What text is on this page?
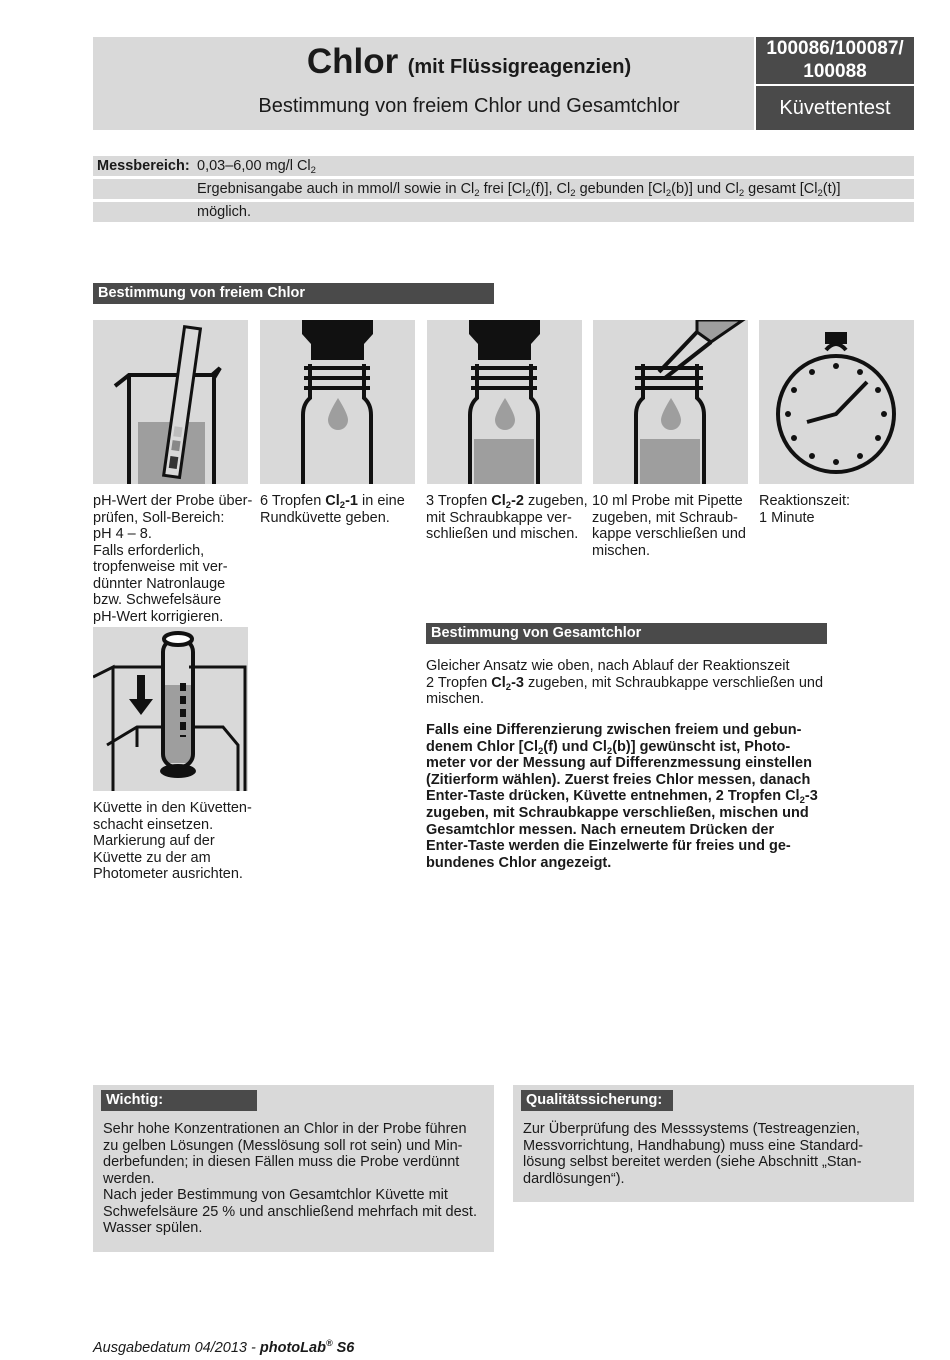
Chlor (mit Flüssigreagenzien)
Bestimmung von freiem Chlor und Gesamtchlor
100086/100087/
100088
Küvettentest
Messbereich: 0,03–6,00 mg/l $Cl_2$
Ergebnisangabe auch in mmol/l sowie in $Cl_2$ frei $[Cl_2(f)]$, $Cl_2$ gebunden $[Cl_2(b)]$ und $Cl_2$ gesamt $[Cl_2(t)]$
möglich.
Bestimmung von freiem Chlor
pH-Wert der Probe über-
prüfen, Soll-Bereich:
pH 4 – 8.
Falls erforderlich,
tropfenweise mit ver-
dünnter Natronlauge
bzw. Schwefelsäure
pH-Wert korrigieren.
6 Tropfen $Cl_2-1$ in eine
Rundküvette geben.
3 Tropfen $Cl_2-2$ zugeben,
mit Schraubkappe ver-
schließen und mischen.
10 ml Probe mit Pipette
zugeben, mit Schraub-
kappe verschließen und
mischen.
Reaktionszeit:
1 Minute
Küvette in den Küvetten-
schacht einsetzen.
Markierung auf der
Küvette zu der am
Photometer ausrichten.
Bestimmung von Gesamtchlor
Gleicher Ansatz wie oben, nach Ablauf der Reaktionszeit
2 Tropfen $Cl_2-3$ zugeben, mit Schraubkappe verschließen und
mischen.
Falls eine Differenzierung zwischen freiem und gebun-
denem Chlor [$Cl_2(f)$ und $Cl_2(b)$] gewünscht ist, Photo-
meter vor der Messung auf Differenzmessung einstellen
(Zitierform wählen). Zuerst freies Chlor messen, danach
Enter-Taste drücken, Küvette entnehmen, 2 Tropfen $Cl_2-3$
zugeben, mit Schraubkappe verschließen, mischen und
Gesamtchlor messen. Nach erneutem Drücken der
Enter-Taste werden die Einzelwerte für freies und ge-
bundenes Chlor angezeigt.
Wichtig:
Sehr hohe Konzentrationen an Chlor in der Probe führen
zu gelben Lösungen (Messlösung soll rot sein) und Min-
derbefunden; in diesen Fällen muss die Probe verdünnt
werden.
Nach jeder Bestimmung von Gesamtchlor Küvette mit
Schwefelsäure 25 % und anschließend mehrfach mit dest.
Wasser spülen.
Qualitätssicherung:
Zur Überprüfung des Messsystems (Testreagenzien,
Messvorrichtung, Handhabung) muss eine Standard-
lösung selbst bereitet werden (siehe Abschnitt „Stan-
dardlösungen“).
Ausgabedatum 04/2013 - photoLab® S6
